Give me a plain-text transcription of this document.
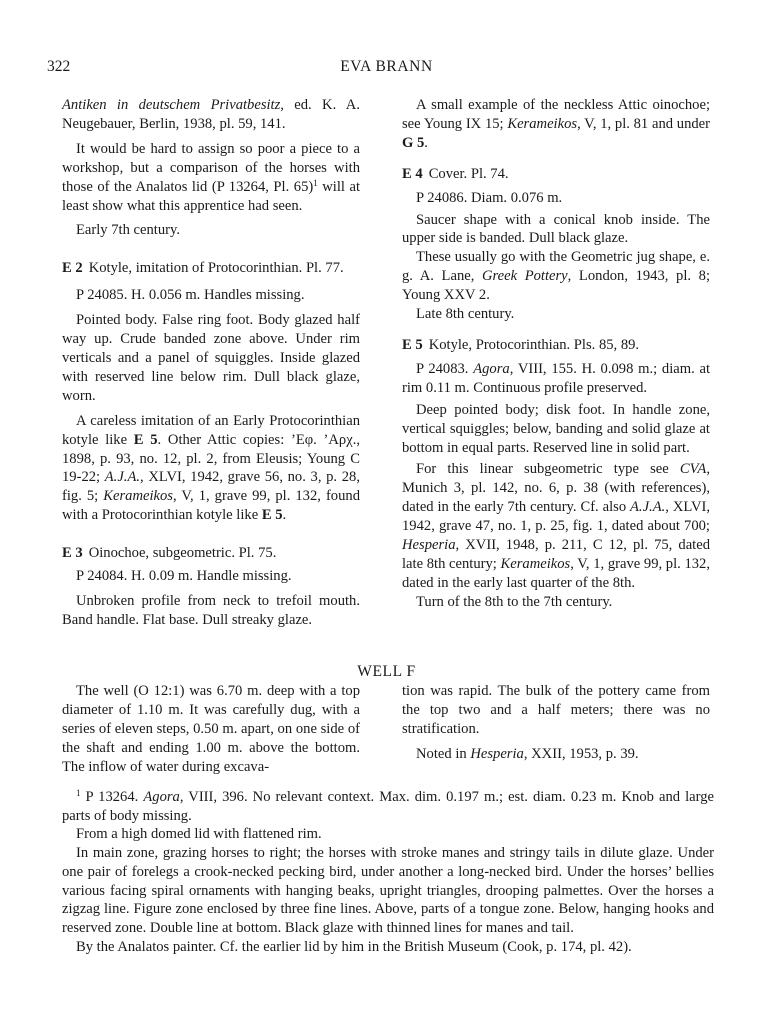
322	EVA BRANN

Antiken in deutschem Privatbesitz, ed. K. A. Neugebauer, Berlin, 1938, pl. 59, 141.

It would be hard to assign so poor a piece to a workshop, but a comparison of the horses with those of the Analatos lid (P 13264, Pl. 65)$^1$ will at least show what this apprentice had seen.

Early 7th century.

E 2 Kotyle, imitation of Protocorinthian. Pl. 77.

P 24085. H. 0.056 m. Handles missing.

Pointed body. False ring foot. Body glazed half way up. Crude banded zone above. Under rim verticals and a panel of squiggles. Inside glazed with reserved line below rim. Dull black glaze, worn.

A careless imitation of an Early Protocorinthian kotyle like E 5. Other Attic copies: ’Εφ. ’Αρχ., 1898, p. 93, no. 12, pl. 2, from Eleusis; Young C 19-22; A.J.A., XLVI, 1942, grave 56, no. 3, p. 28, fig. 5; Kerameikos, V, 1, grave 99, pl. 132, found with a Protocorinthian kotyle like E 5.

E 3 Oinochoe, subgeometric. Pl. 75.

P 24084. H. 0.09 m. Handle missing.

Unbroken profile from neck to trefoil mouth. Band handle. Flat base. Dull streaky glaze.

A small example of the neckless Attic oinochoe; see Young IX 15; Kerameikos, V, 1, pl. 81 and under G 5.

E 4 Cover. Pl. 74.

P 24086. Diam. 0.076 m.

Saucer shape with a conical knob inside. The upper side is banded. Dull black glaze.

These usually go with the Geometric jug shape, e. g. A. Lane, Greek Pottery, London, 1943, pl. 8; Young XXV 2.

Late 8th century.

E 5 Kotyle, Protocorinthian. Pls. 85, 89.

P 24083. Agora, VIII, 155. H. 0.098 m.; diam. at rim 0.11 m. Continuous profile preserved.

Deep pointed body; disk foot. In handle zone, vertical squiggles; below, banding and solid glaze at bottom in equal parts. Reserved line in solid part.

For this linear subgeometric type see CVA, Munich 3, pl. 142, no. 6, p. 38 (with references), dated in the early 7th century. Cf. also A.J.A., XLVI, 1942, grave 47, no. 1, p. 25, fig. 1, dated about 700; Hesperia, XVII, 1948, p. 211, C 12, pl. 75, dated late 8th century; Kerameikos, V, 1, grave 99, pl. 132, dated in the early last quarter of the 8th.

Turn of the 8th to the 7th century.

WELL F

The well (O 12:1) was 6.70 m. deep with a top diameter of 1.10 m. It was carefully dug, with a series of eleven steps, 0.50 m. apart, on one side of the shaft and ending 1.00 m. above the bottom. The inflow of water during excava-

tion was rapid. The bulk of the pottery came from the top two and a half meters; there was no stratification.

Noted in Hesperia, XXII, 1953, p. 39.

$^1$ P 13264. Agora, VIII, 396. No relevant context. Max. dim. 0.197 m.; est. diam. 0.23 m. Knob and large parts of body missing.

From a high domed lid with flattened rim.

In main zone, grazing horses to right; the horses with stroke manes and stringy tails in dilute glaze. Under one pair of forelegs a crook-necked pecking bird, under another a long-necked bird. Under the horses’ bellies various facing spiral ornaments with hanging beaks, upright triangles, drooping palmettes. Over the horses a zigzag line. Figure zone enclosed by three fine lines. Above, parts of a tongue zone. Below, hanging hooks and reserved zone. Double line at bottom. Black glaze with thinned lines for manes and tail.

By the Analatos painter. Cf. the earlier lid by him in the British Museum (Cook, p. 174, pl. 42).
